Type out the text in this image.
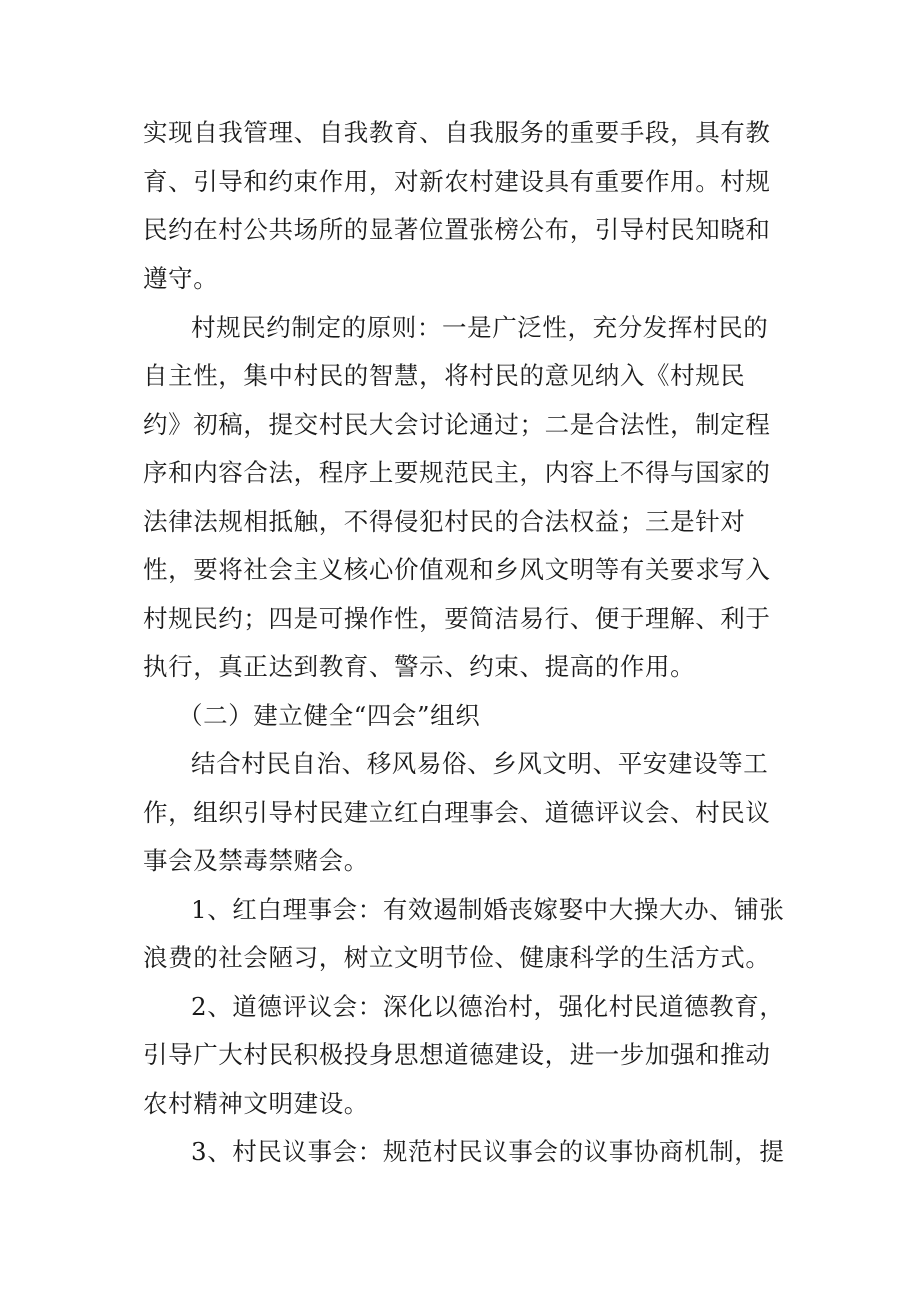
实现自我管理、自我教育、自我服务的重要手段，具有教
育、引导和约束作用，对新农村建设具有重要作用。村规
民约在村公共场所的显著位置张榜公布，引导村民知晓和
遵守。
村规民约制定的原则：一是广泛性，充分发挥村民的
自主性，集中村民的智慧，将村民的意见纳入《村规民
约》初稿，提交村民大会讨论通过；二是合法性，制定程
序和内容合法，程序上要规范民主，内容上不得与国家的
法律法规相抵触，不得侵犯村民的合法权益；三是针对
性，要将社会主义核心价值观和乡风文明等有关要求写入
村规民约；四是可操作性，要简洁易行、便于理解、利于
执行，真正达到教育、警示、约束、提高的作用。
（二）建立健全“四会”组织
结合村民自治、移风易俗、乡风文明、平安建设等工
作，组织引导村民建立红白理事会、道德评议会、村民议
事会及禁毒禁赌会。
1、红白理事会：有效遏制婚丧嫁娶中大操大办、铺张
浪费的社会陋习，树立文明节俭、健康科学的生活方式。
2、道德评议会：深化以德治村，强化村民道德教育，
引导广大村民积极投身思想道德建设，进一步加强和推动
农村精神文明建设。
3、村民议事会：规范村民议事会的议事协商机制，提
